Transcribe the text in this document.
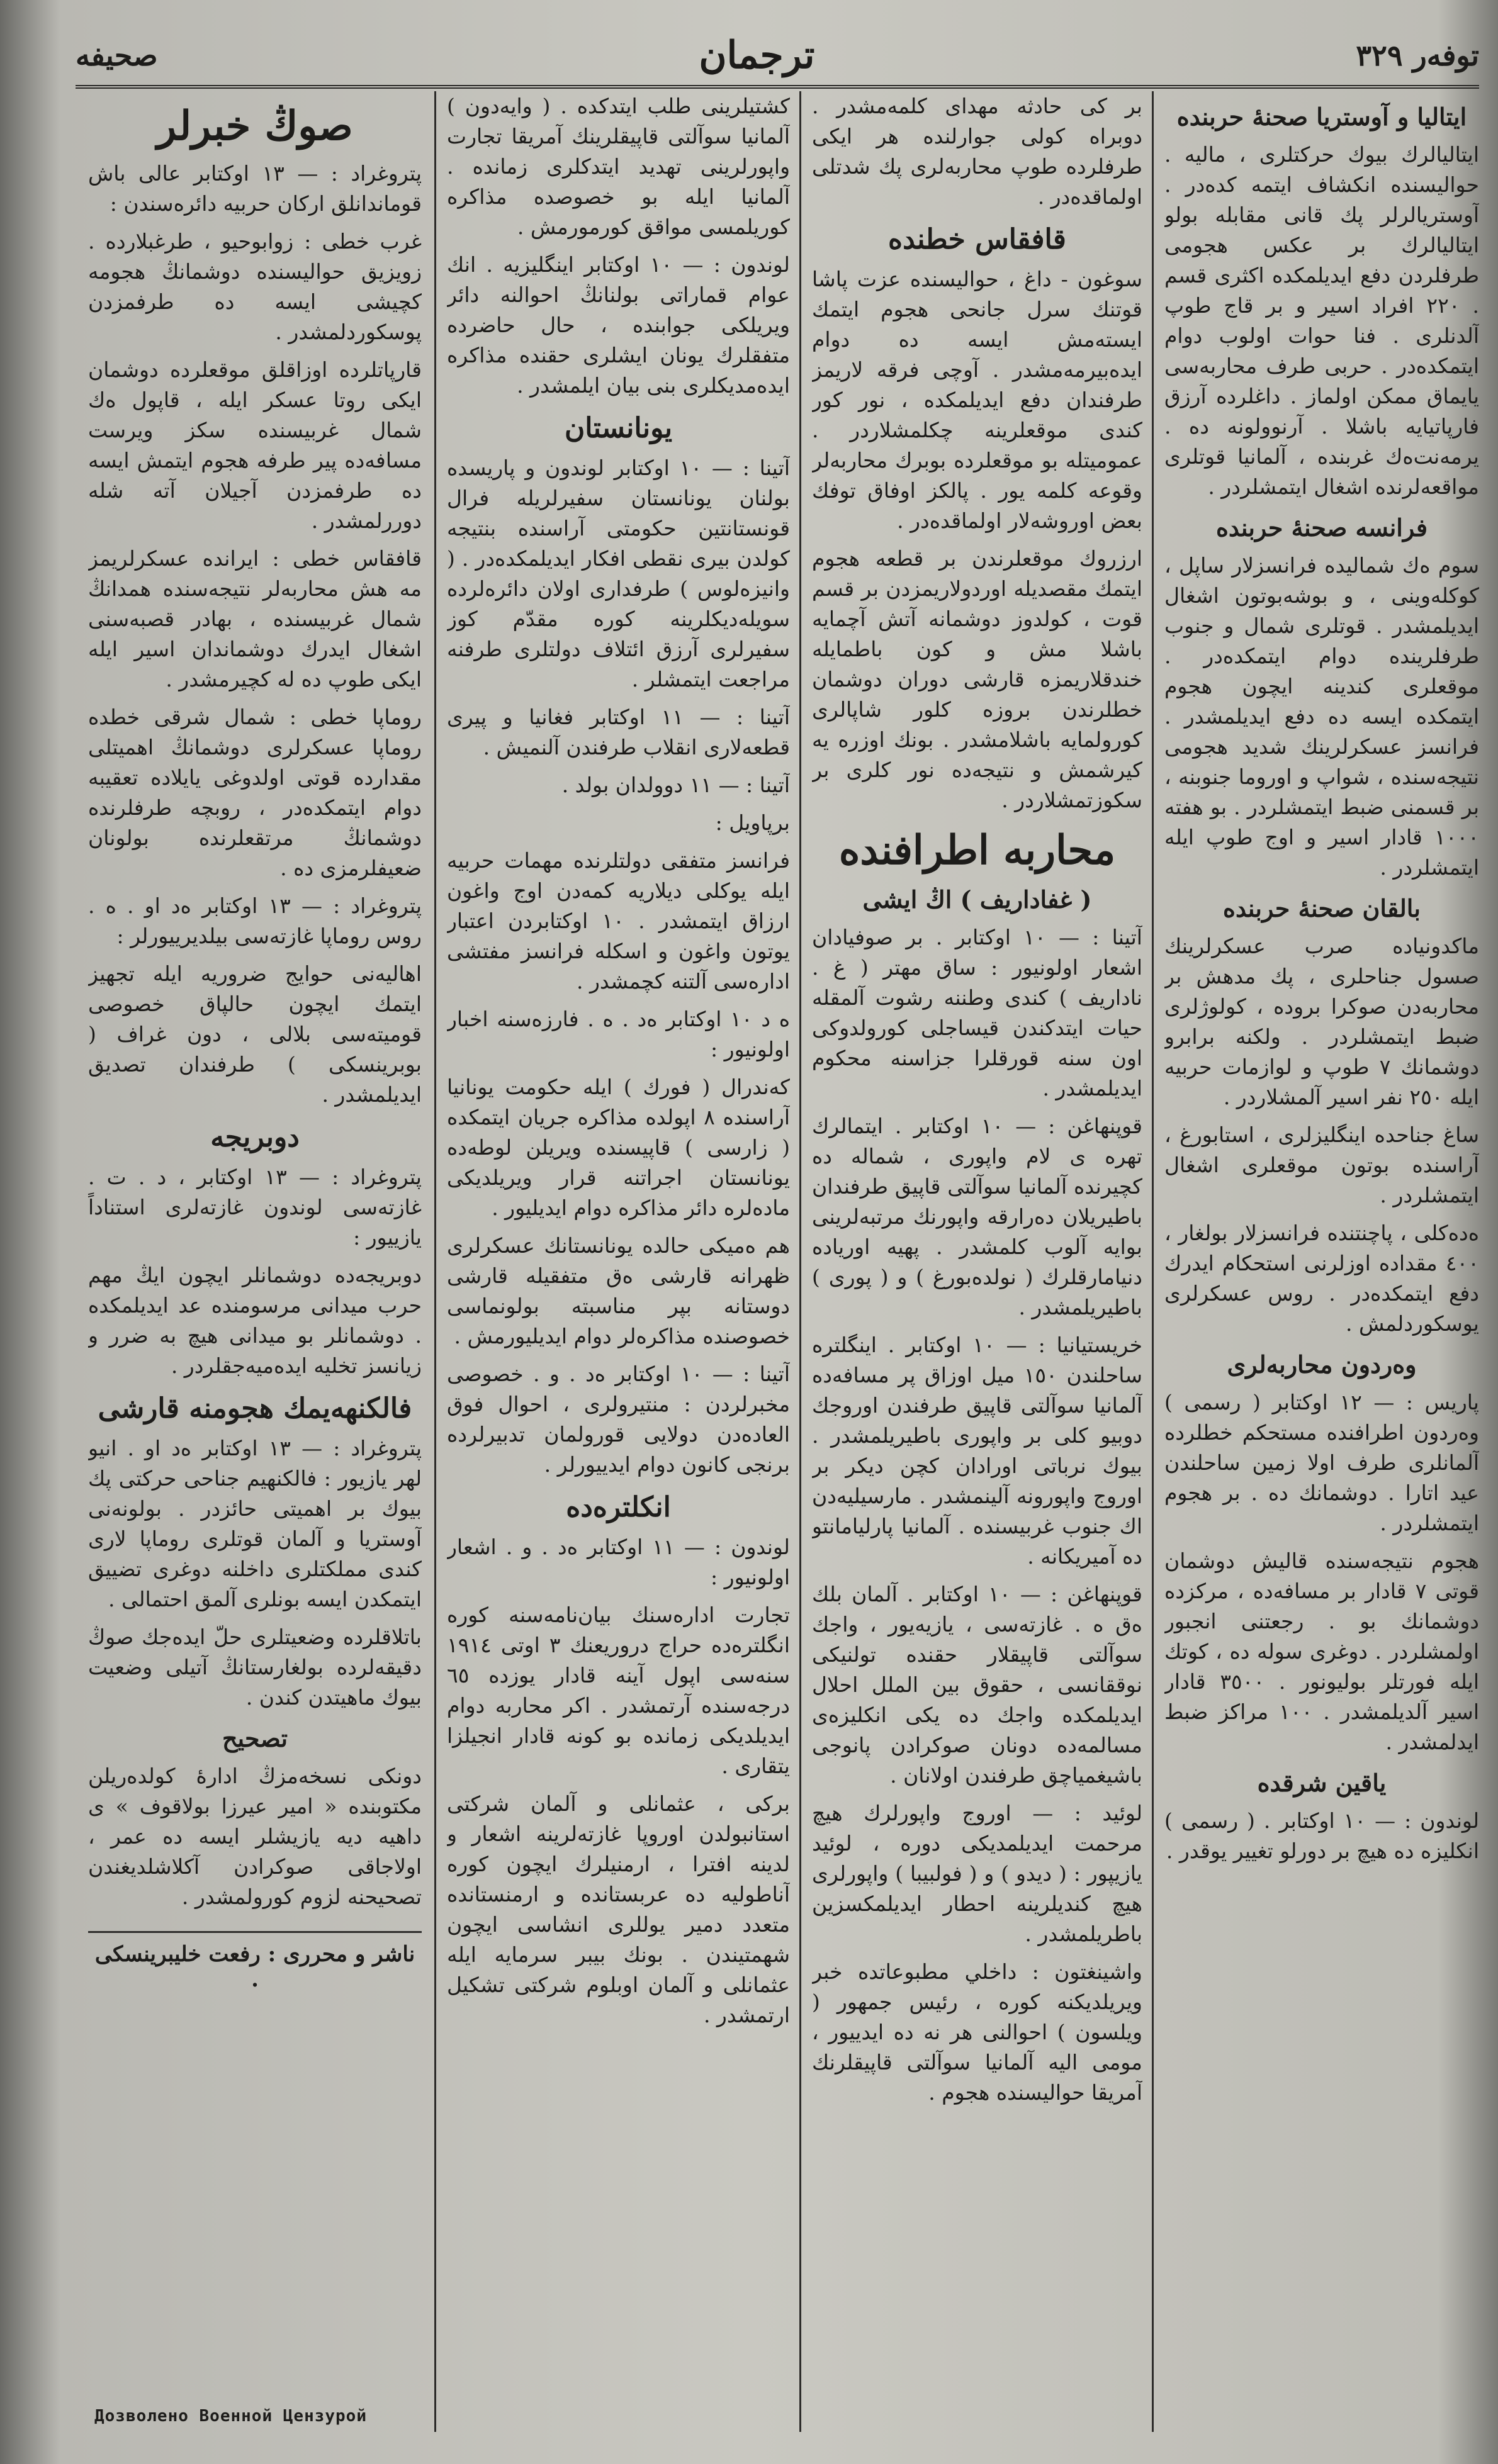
توفه‌ر ٣٢٩
ترجمان
صحيفه
صوڭ خبرلر

پتروغراد : — ١٣ اوكتابر عالى باش قوماندانلق اركان حربيه دائره‌سندن :

غرب خطى : زوابوحيو ، طرغبلارده . زويزيق حواليسنده دوشمانڭ هجومه كچيشى ايسه ده طرفمزدن پوسكوردلمشدر .

قارپاتلرده اوزاقلق موقعلرده دوشمان ايكى روتا عسكر ايله ، قاپول ه‌ك شمال غربيسنده سكز ويرست مسافه‌ده پير طرفه هجوم ايتمش ايسه ده طرفمزدن آجيلان آته شله دوررلمشدر .

قافقاس خطى : ايرانده عسكرلريمز مه هش محاربه‌لر نتيجه‌سنده همدانڭ شمال غربيسنده ، بهادر قصبه‌سنى اشغال ايدرك دوشماندان اسير ايله ايكى طوپ ده له كچيرمشدر .

روماپا خطى : شمال شرقى خطده روماپا عسكرلرى دوشمانڭ اهميتلى مقدارده قوتى اولدوغى يايلاده تعقيبه دوام ايتمكده‌در ، روبچه طرفلرنده دوشمانڭ مرتقعلرنده بولونان ضعيفلرمزى ده .

پتروغراد : — ١٣ اوكتابر ه‌د او . ه‌ . روس روماپا غازته‌سى بيلديرييورلر :

اهاليه‌نى حوايج ضروريه ايله تجهيز ايتمك ايچون حالپاق خصوصى قوميته‌سى بلالى ، دون غراف ( بوبرينسكى ) طرفندان تصديق ايديلمشدر .

دوبريجه

پتروغراد : — ١٣ اوكتابر ، د . ت . غازته‌سى لوندون غازته‌لرى استناداً يازييور :

دوبريجه‌ده دوشمانلر ايچون ايڭ مهم حرب ميدانى مرسومنده عد ايديلمكده . دوشمانلر بو ميدانى هيچ به ضرر و زيانسز تخليه ايده‌ميه‌جقلردر .

فالكنهه‌يمك هجومنه قارشى

پتروغراد : — ١٣ اوكتابر ه‌د او . انيو لهر يازيور : فالكنهيم جناحى حركتى پك بيوك بر اهميتى حائزدر . بولونه‌نى آوستريا و آلمان قوتلرى روماپا لارى كندى مملكتلرى داخلنه دوغرى تضييق ايتمكدن ايسه بونلرى آلمق احتمالى .

باتلاقلرده وضعيتلرى حلّ ايده‌جك صوڭ دقيقه‌لرده بولغارستانڭ آتيلى وضعيت بيوك ماهيتدن كندن .

تصحيح

دونكى نسخه‌مزڭ ادارهٔ كولده‌ريلن مكتوبنده « امير عيرزا بولاقوف » ى داهيه ديه يازيشلر ايسه ده عمر ، اولاجاقى صوكرادن آكلاشلديغندن تصحيحنه لزوم كورولمشدر .

ناشر و محررى : رفعت خليبرينسكى .

كشتيلرينى طلب ايتدكده . ( وايه‌دون ) آلمانيا سوآلتى قاپيقلرينك آمريقا تجارت واپورلرينى تهديد ايتدكلرى زمانده . آلمانيا ايله بو خصوصده مذاكره كوريلمسى مواقق كورمورمش .

لوندون : — ١٠ اوكتابر اينگليزيه . انك عوام قماراتى بولنانڭ احوالنه دائر ويريلكى جوابنده ، حال حاضرده متفقلرك يونان ايشلرى حقنده مذاكره ايده‌مديكلرى بنى بيان ايلمشدر .

يونانستان

آتينا : — ١٠ اوكتابر لوندون و پاريسده بولنان يونانستان سفيرلريله فرال قونستانتين حكومتى آراسنده بنتيجه كولدن بيرى نقطى افكار ايديلمكده‌در . ( وانيزه‌لوس ) طرفدارى اولان دائره‌لرده سويله‌ديكلرينه كوره مقدّم كوز سفيرلرى آرزق ائتلاف دولتلرى طرفنه مراجعت ايتمشلر .

آتينا : — ١١ اوكتابر فغانيا و پيرى قطعه‌لارى انقلاب طرفندن آلنميش .

آتينا : — ١١ دوولدان بولد .

برپاويل :

فرانسز متفقى دولتلرنده مهمات حربيه ايله يوكلى ديلاريه كمه‌دن اوج واغون ارزاق ايتمشدر . ١٠ اوكتابردن اعتبار يوتون واغون و اسكله فرانسز مفتشى اداره‌سى آلتنه كچمشدر .

ه‌ د ١٠ اوكتابر ه‌د . ه‌ . فارزه‌سنه اخبار اولونيور :

كه‌ندرال ( فورك ) ايله حكومت يونانيا آراسنده ٨ اپولده مذاكره جريان ايتمكده ( زارسى ) قاپيسنده ويريلن لوطه‌ده يونانستان اجراتنه قرار ويريلديكى ماده‌لره دائر مذاكره دوام ايديليور .

هم ه‌ميكى حالده يونانستانك عسكرلرى ظهرانه قارشى ه‌ق متفقيله قارشى دوستانه بپر مناسبته بولونماسى خصوصنده مذاكره‌لر دوام ايديليورمش .

آتينا : — ١٠ اوكتابر ه‌د . و . خصوصى مخبرلردن : منتيرولرى ، احوال فوق العاده‌دن دولايى قورولمان تدبيرلرده برنجى كانون دوام ايدييورلر .

انكلتره‌ده

لوندون : — ١١ اوكتابر ه‌د . و . اشعار اولونيور :

تجارت اداره‌سنك بيان‌نامه‌سنه كوره انگلتره‌ده حراج دروريعنك ٣ اوتى ١٩١٤ سنه‌سى اپول آينه قادار يوزده ٦٥ درجه‌سنده آرتمشدر . اكر محاربه دوام ايديلديكى زمانده بو كونه قادار انجيلزا يتقارى .

بركى ، عثمانلى و آلمان شركتى استانبولدن اوروپا غازته‌لرينه اشعار و لدينه افترا ، ارمنيلرك ايچون كوره آناطوليه ده عربستانده و ارمنستانده متعدد دمير يوللرى انشاسى ايچون شهمتيندن . بونك بيبر سرمايه ايله عثمانلى و آلمان اوبلوم شركتى تشكيل ارتمشدر .

بر كى حادثه مهداى كلمه‌مشدر . دوبراه كولى جوارلنده هر ايكى طرفلرده طوپ محاربه‌لرى پك شدتلى اولماقده‌در .

قافقاس خطنده

سوغون - داغ ، حواليسنده عزت پاشا قوتنك سرل جانحى هجوم ايتمك ايسته‌مش ايسه ده دوام ايده‌بيرمه‌مشدر . آوچى فرقه لاريمز طرفندان دفع ايديلمكده ، نور كور كندى موقعلرينه چكلمشلاردر . عموميتله بو موقعلرده بوبرك محاربه‌لر وقوعه كلمه يور . پالكز اوفاق توفك بعض اوروشه‌لار اولماقده‌در .

ارزروك موقعلرندن بر قطعه هجوم ايتمك مقصديله اوردولاريمزدن بر قسم قوت ، كولدوز دوشمانه آتش آچمايه باشلا مش و كون باطمايله خندقلاريمزه قارشى دوران دوشمان خطلرندن بروزه كلور شاپالرى كورولمايه باشلامشدر . بونك اوزره يه كيرشمش و نتيجه‌ده نور كلرى بر سكوزتمشلاردر .

محاربه اطرافنده
( غفاداريف ) اڭ ايشى

آتينا : — ١٠ اوكتابر . بر صوفيادان اشعار اولونيور : ساق مهتر ( غ . ناداريف ) كندى وطننه رشوت آلمقله حيات ايتدكندن قيساجلى كورولدوكى اون سنه قورقلرا جزاسنه محكوم ايديلمشدر .

قوپنهاغن : — ١٠ اوكتابر . ايتمالرك تهره ى لام واپورى ، شماله ده كچيرنده آلمانيا سوآلتى قاپيق طرفندان باطيريلان ده‌رارقه واپورنك مرتبه‌لرينى بوايه آلوب كلمشدر . پهيه اورياده دنيامارقلرك ( نولده‌بورغ ) و ( پورى ) باطيريلمشدر .

خريستيانيا : — ١٠ اوكتابر . اينگلتره ساحلندن ١٥٠ ميل اوزاق پر مسافه‌ده آلمانيا سوآلتى قاپيق طرفندن اوروجك دوبيو كلى بر واپورى باطيريلمشدر . بيوك نرباتى اورادان كچن ديكر بر اوروج واپورونه آلينمشدر . مارسيليه‌دن اك جنوب غربيسنده . آلمانيا پارليامانتو ده آميريكانه .

قوپنهاغن : — ١٠ اوكتابر . آلمان بلك ه‌ق ه‌ . غازته‌سى ، يازيه‌يور ، واجك سوآلتى قاپيقلار حقنده تولنيكى نوققانسى ، حقوق بين الملل احلال ايديلمكده واجك ده يكى انكليزه‌ى مسالمه‌ده دونان صوكرادن پانوجى باشيغمياچق طرفندن اولانان .

لوئيد : — اوروج واپورلرك هيچ مرحمت ايديلمديكى دوره ، لوئيد يازيپور : ( ديدو ) و ( فولبيبا ) واپورلرى هيچ كنديلرينه احطار ايديلمكسزين باطريلمشدر .

واشينغتون : داخلي مطبوعاتده خبر ويريلديكنه كوره ، رئيس جمهور ( ويلسون ) احوالنى هر نه ده ايدييور ، مومى اليه آلمانيا سوآلتى قاپيقلرنك آمريقا حواليسنده هجوم .

ايتاليا و آوستريا صحنهٔ حربنده

ايتاليالرك بيوك حركتلرى ، ماليه . حواليسنده انكشاف ايتمه كده‌در . آوستريالرلر پك قانى مقابله بولو ايتاليالرك بر عكس هجومى طرفلردن دفع ايديلمكده اكثرى قسم . ٢٢٠ افراد اسير و بر قاج طوپ آلدنلرى . فنا حوات اولوب دوام ايتمكده‌در . حربى طرف محاربه‌سى يايماق ممكن اولماز . داغلرده آرزق فارپاتيايه باشلا . آرنوولونه ده . يرمه‌نت‌ه‌ك غربنده ، آلمانيا قوتلرى مواقعه‌لرنده اشغال ايتمشلردر .

فرانسه صحنهٔ حربنده

سوم ه‌ك شماليده فرانسزلار ساپل ، كوكله‌وينى ، و بوشه‌بوتون اشغال ايديلمشدر . قوتلرى شمال و جنوب طرفلرينده دوام ايتمكده‌در . موقعلرى كندينه ايچون هجوم ايتمكده ايسه ده دفع ايديلمشدر . فرانسز عسكرلرينك شديد هجومى نتيجه‌سنده ، شواپ و اوروما جنوبنه ، بر قسمنى ضبط ايتمشلردر . بو هفته ١٠٠٠ قادار اسير و اوج طوپ ايله ايتمشلردر .

بالقان صحنهٔ حربنده

ماكدونياده صرب عسكرلرينك صسول جناحلرى ، پك مدهش بر محاربه‌دن صوكرا بروده ، كولوژلرى ضبط ايتمشلردر . ولكنه برابرو دوشمانك ٧ طوپ و لوازمات حربيه ايله ٢٥٠ نفر اسير آلمشلاردر .

ساغ جناحده اينگليزلرى ، استابورغ ، آراسنده بوتون موقعلرى اشغال ايتمشلردر .

ه‌ده‌كلى ، پاچنتنده فرانسزلار بولغار ، ٤٠٠ مقداده اوزلرنى استحكام ايدرك دفع ايتمكده‌در . روس عسكرلرى يوسكوردلمش .

وه‌ردون محاربه‌لرى

پاريس : — ١٢ اوكتابر ( رسمى ) وه‌ردون اطرافنده مستحكم خطلرده آلمانلرى طرف اولا زمين ساحلندن عيد اتارا . دوشمانك ده . بر هجوم ايتمشلردر .

هجوم نتيجه‌سنده قاليش دوشمان قوتى ٧ قادار بر مسافه‌ده ، مركزده دوشمانك بو . رجعتنى انجبور اولمشلردر . دوغرى سوله ده ، كوتك ايله فورتلر بوليونور . ٣٥٠٠ قادار اسير آلديلمشدر . ١٠٠ مراكز ضبط ايدلمشدر .

ياقين شرقده

لوندون : — ١٠ اوكتابر . ( رسمى ) انكليزه ده هيچ بر دورلو تغيير يوقدر .

Дозволено Военной Цензурой
